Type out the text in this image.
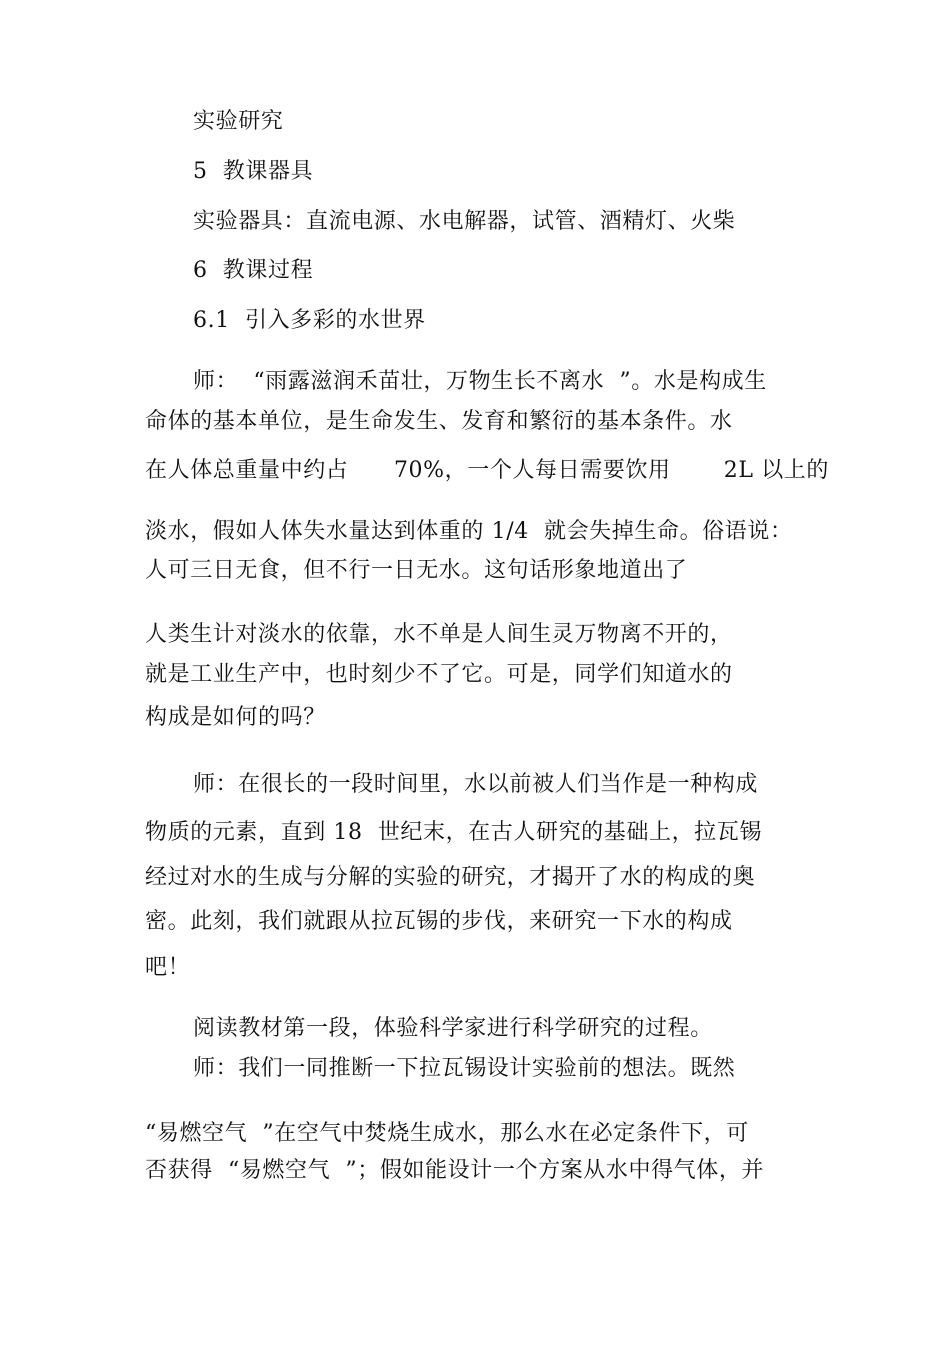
实验研究
5  教课器具
实验器具：直流电源、水电解器，试管、酒精灯、火柴
6  教课过程
6.1  引入多彩的水世界
师：  “雨露滋润禾苗壮，万物生长不离水  ”。水是构成生
命体的基本单位，是生命发生、发育和繁衍的基本条件。水
在人体总重量中约占      70%，一个人每日需要饮用       2L 以上的
淡水，假如人体失水量达到体重的 1/4  就会失掉生命。俗语说：
人可三日无食，但不行一日无水。这句话形象地道出了
人类生计对淡水的依靠，水不单是人间生灵万物离不开的，
就是工业生产中，也时刻少不了它。可是，同学们知道水的
构成是如何的吗？
师：在很长的一段时间里，水以前被人们当作是一种构成
物质的元素，直到 18  世纪末，在古人研究的基础上，拉瓦锡
经过对水的生成与分解的实验的研究，才揭开了水的构成的奥
密。此刻，我们就跟从拉瓦锡的步伐，来研究一下水的构成
吧！
阅读教材第一段，体验科学家进行科学研究的过程。
师：我们一同推断一下拉瓦锡设计实验前的想法。既然
“易燃空气  ”在空气中焚烧生成水，那么水在必定条件下，可
否获得  “易燃空气  ”；假如能设计一个方案从水中得气体，并
